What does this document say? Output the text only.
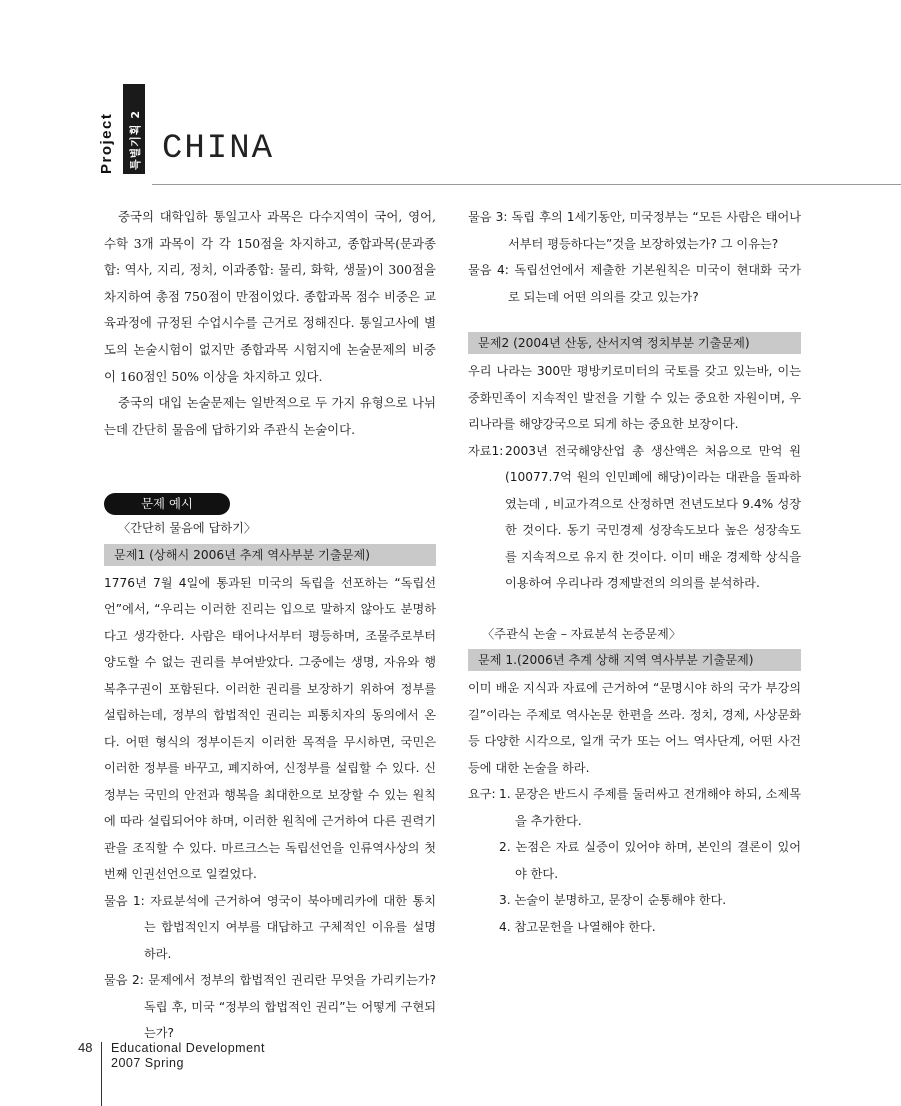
Project 특별기획 2 CHINA
중국의 대학입하 통일고사 과목은 다수지역이 국어, 영어, 수학 3개 과목이 각 각 150점을 차지하고, 종합과목(문과종합: 역사, 지리, 정치, 이과종합: 물리, 화학, 생물)이 300점을 차지하여 총점 750점이 만점이었다. 종합과목 점수 비중은 교육과정에 규정된 수업시수를 근거로 정해진다. 통일고사에 별도의 논술시험이 없지만 종합과목 시험지에 논술문제의 비중이 160점인 50% 이상을 차지하고 있다.
중국의 대입 논술문제는 일반적으로 두 가지 유형으로 나뉘는데 간단히 물음에 답하기와 주관식 논술이다.
문제 예시
〈간단히 물음에 답하기〉
문제1 (상해시 2006년 추계 역사부분 기출문제)
1776년 7월 4일에 통과된 미국의 독립을 선포하는 “독립선언”에서, “우리는 이러한 진리는 입으로 말하지 않아도 분명하다고 생각한다. 사람은 태어나서부터 평등하며, 조물주로부터 양도할 수 없는 권리를 부여받았다. 그중에는 생명, 자유와 행복추구권이 포함된다. 이러한 권리를 보장하기 위하여 정부를 설립하는데, 정부의 합법적인 권리는 피통치자의 동의에서 온다. 어떤 형식의 정부이든지 이러한 목적을 무시하면, 국민은 이러한 정부를 바꾸고, 폐지하여, 신정부를 설립할 수 있다. 신정부는 국민의 안전과 행복을 최대한으로 보장할 수 있는 원칙에 따라 설립되어야 하며, 이러한 원칙에 근거하여 다른 권력기관을 조직할 수 있다. 마르크스는 독립선언을 인류역사상의 첫 번째 인권선언으로 일컬었다.
물음 1: 자료분석에 근거하여 영국이 북아메리카에 대한 통치는 합법적인지 여부를 대답하고 구체적인 이유를 설명하라.
물음 2: 문제에서 정부의 합법적인 권리란 무엇을 가리키는가? 독립 후, 미국 “정부의 합법적인 권리”는 어떻게 구현되는가?
물음 3: 독립 후의 1세기동안, 미국정부는 “모든 사람은 태어나서부터 평등하다는”것을 보장하였는가? 그 이유는?
물음 4: 독립선언에서 제출한 기본원칙은 미국이 현대화 국가로 되는데 어떤 의의를 갖고 있는가?
문제2 (2004년 산동, 산서지역 정치부분 기출문제)
우리 나라는 300만 평방키로미터의 국토를 갖고 있는바, 이는 중화민족이 지속적인 발전을 기할 수 있는 중요한 자원이며, 우리나라를 해양강국으로 되게 하는 중요한 보장이다.
자료1: 2003년 전국해양산업 총 생산액은 처음으로 만억 원(10077.7억 원의 인민폐에 해당)이라는 대관을 돌파하였는데 , 비교가격으로 산정하면 전년도보다 9.4% 성장한 것이다. 동기 국민경제 성장속도보다 높은 성장속도를 지속적으로 유지 한 것이다. 이미 배운 경제학 상식을 이용하여 우리나라 경제발전의 의의를 분석하라.
〈주관식 논술 – 자료분석 논증문제〉
문제 1.(2006년 추계 상해 지역 역사부분 기출문제)
이미 배운 지식과 자료에 근거하여 “문명시야 하의 국가 부강의 길”이라는 주제로 역사논문 한편을 쓰라. 정치, 경제, 사상문화 등 다양한 시각으로, 일개 국가 또는 어느 역사단계, 어떤 사건 등에 대한 논술을 하라.
요구: 1. 문장은 반드시 주제를 둘러싸고 전개해야 하되, 소제목을 추가한다.
2. 논점은 자료 실증이 있어야 하며, 본인의 결론이 있어야 한다.
3. 논술이 분명하고, 문장이 순통해야 한다.
4. 참고문헌을 나열해야 한다.
48 Educational Development
2007 Spring
